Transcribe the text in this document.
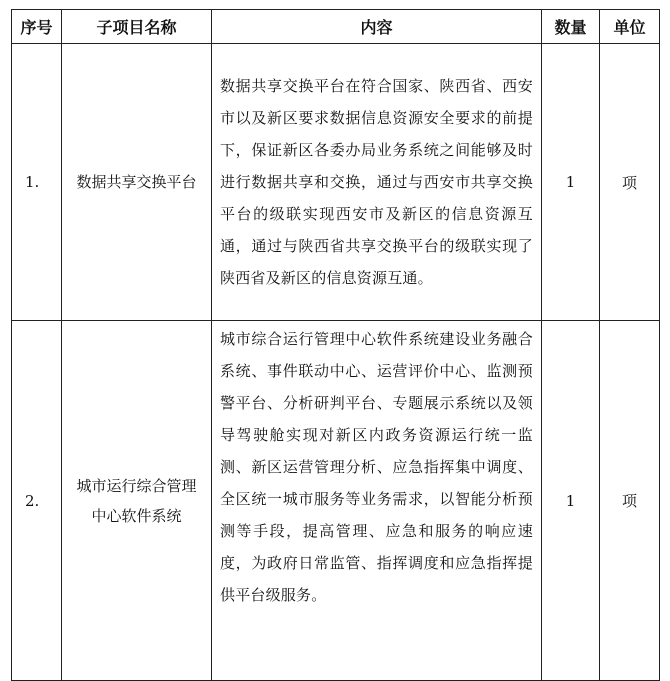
序号	子项目名称	内容	数量	单位
1.	数据共享交换平台	数据共享交换平台在符合国家、陕西省、西安市以及新区要求数据信息资源安全要求的前提下，保证新区各委办局业务系统之间能够及时进行数据共享和交换，通过与西安市共享交换平台的级联实现西安市及新区的信息资源互通，通过与陕西省共享交换平台的级联实现了陕西省及新区的信息资源互通。	1	项
2.	城市运行综合管理中心软件系统	城市综合运行管理中心软件系统建设业务融合系统、事件联动中心、运营评价中心、监测预警平台、分析研判平台、专题展示系统以及领导驾驶舱实现对新区内政务资源运行统一监测、新区运营管理分析、应急指挥集中调度、全区统一城市服务等业务需求，以智能分析预测等手段，提高管理、应急和服务的响应速度，为政府日常监管、指挥调度和应急指挥提供平台级服务。	1	项
